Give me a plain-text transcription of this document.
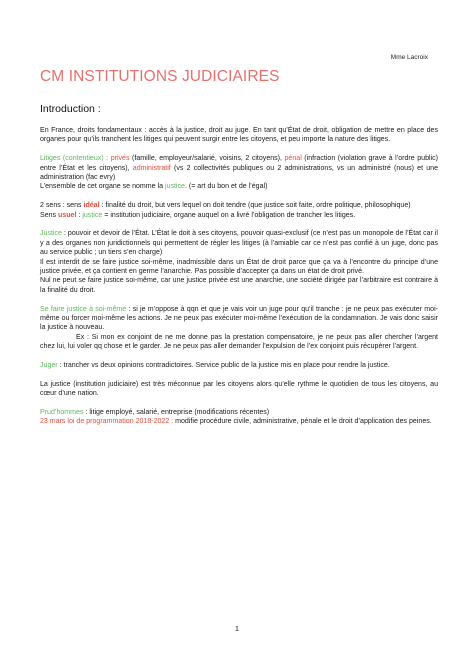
Mme Lacroix
CM INSTITUTIONS JUDICIAIRES
Introduction :

En France, droits fondamentaux : accès à la justice, droit au juge. En tant qu’État de droit, obligation de mettre en place des organes pour qu’ils tranchent les litiges qui peuvent surgir entre les citoyens, et peu importe la nature des litiges.

Litiges (contentieux) : privés (famille, employeur/salarié, voisins, 2 citoyens), pénal (infraction (violation grave à l’ordre public) entre l’État et les citoyens), administratif (vs 2 collectivités publiques ou 2 administrations, vs un administré (nous) et une administration (fac evry)
L’ensemble de cet organe se nomme la justice. (= art du bon et de l’égal)

2 sens : sens idéal : finalité du droit, but vers lequel on doit tendre (que justice soit faite, ordre politique, philosophique)
Sens usuel : justice = institution judiciaire, organe auquel on a livré l’obligation de trancher les litiges.

Justice : pouvoir et devoir de l’État. L’État le doit à ses citoyens, pouvoir quasi-exclusif (ce n’est pas un monopole de l’État car il y a des organes non juridictionnels qui permettent de régler les litiges (à l’amiable car ce n’est pas confié à un juge, donc pas au service public ; un tiers s’en charge)
Il est interdit de se faire justice soi-même, inadmissible dans un État de droit parce que ça va à l’encontre du principe d’une justice privée, et ça contient en germe l’anarchie. Pas possible d’accepter ça dans un état de droit privé.
Nul ne peut se faire justice soi-même, car une justice privée est une anarchie, une société dirigée par l’arbitraire est contraire à la finalité du droit.

Se faire justice à soi-même : si je m’oppose à qqn et que je vais voir un juge pour qu’il tranche : je ne peux pas exécuter moi-même ou forcer moi-même les actions. Je ne peux pas exécuter moi-même l’exécution de la condamnation. Je vais donc saisir la justice à nouveau.
Ex : Si mon ex conjoint de ne me donne pas la prestation compensatoire, je ne peux pas aller chercher l’argent chez lui, lui voler qq chose et le garder. Je ne peux pas aller demander l’expulsion de l’ex conjoint puis récupérer l’argent.

Juger : trancher vs deux opinions contradictoires. Service public de la justice mis en place pour rendre la justice.

La justice (institution judiciaire) est très méconnue par les citoyens alors qu’elle rythme le quotidien de tous les citoyens, au cœur d’une nation.

Prud’hommes : litige employé, salarié, entreprise (modifications récentes)
23 mars loi de programmation 2018-2022 : modifie procédure civile, administrative, pénale et le droit d’application des peines.

1
